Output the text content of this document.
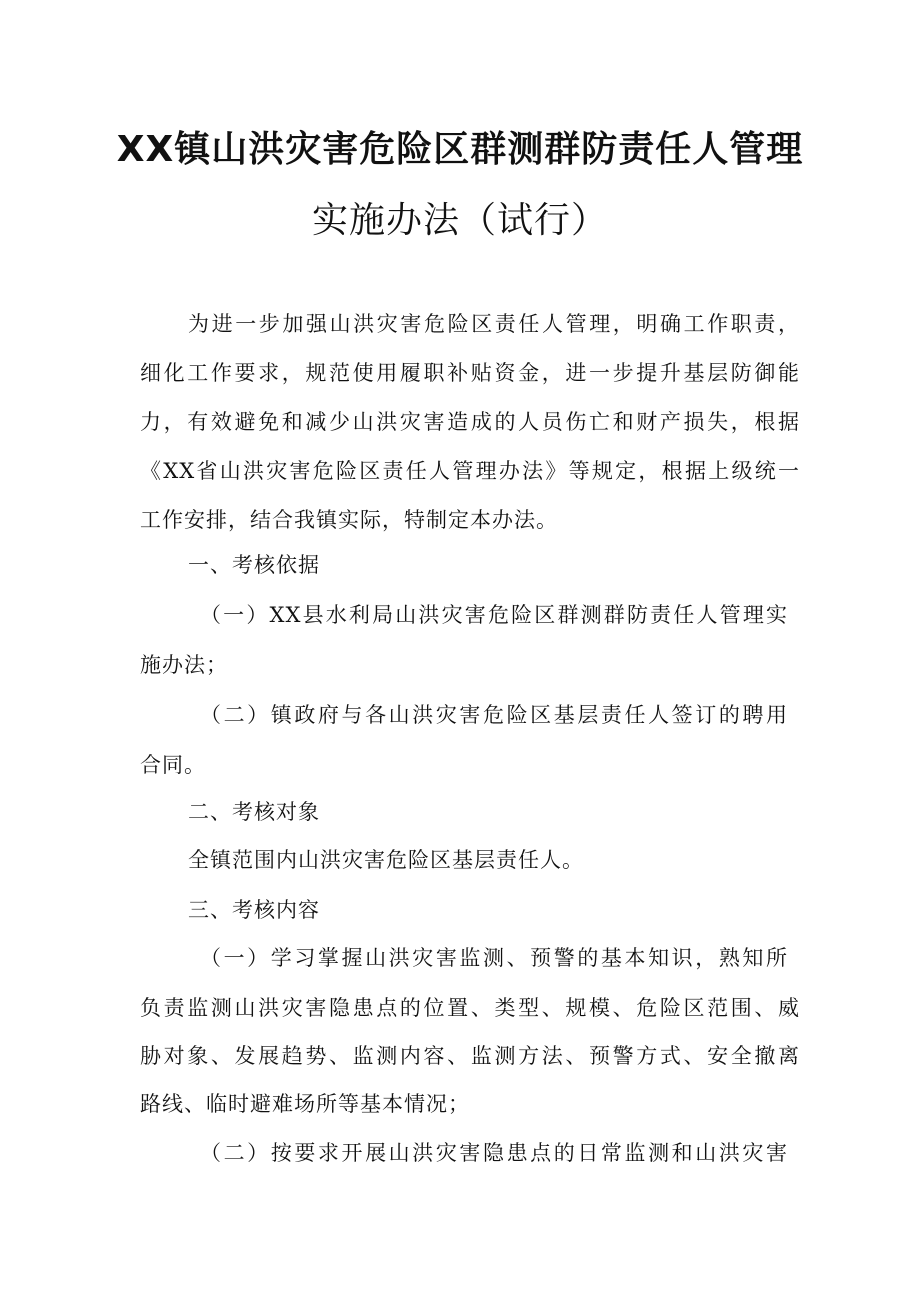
XX镇山洪灾害危险区群测群防责任人管理
实施办法（试行）
为进一步加强山洪灾害危险区责任人管理，明确工作职责，
细化工作要求，规范使用履职补贴资金，进一步提升基层防御能
力，有效避免和减少山洪灾害造成的人员伤亡和财产损失，根据
《XX省山洪灾害危险区责任人管理办法》等规定，根据上级统一
工作安排，结合我镇实际，特制定本办法。
一、考核依据
（一）XX县水利局山洪灾害危险区群测群防责任人管理实
施办法；
（二）镇政府与各山洪灾害危险区基层责任人签订的聘用
合同。
二、考核对象
全镇范围内山洪灾害危险区基层责任人。
三、考核内容
（一）学习掌握山洪灾害监测、预警的基本知识，熟知所
负责监测山洪灾害隐患点的位置、类型、规模、危险区范围、威
胁对象、发展趋势、监测内容、监测方法、预警方式、安全撤离
路线、临时避难场所等基本情况；
（二）按要求开展山洪灾害隐患点的日常监测和山洪灾害
